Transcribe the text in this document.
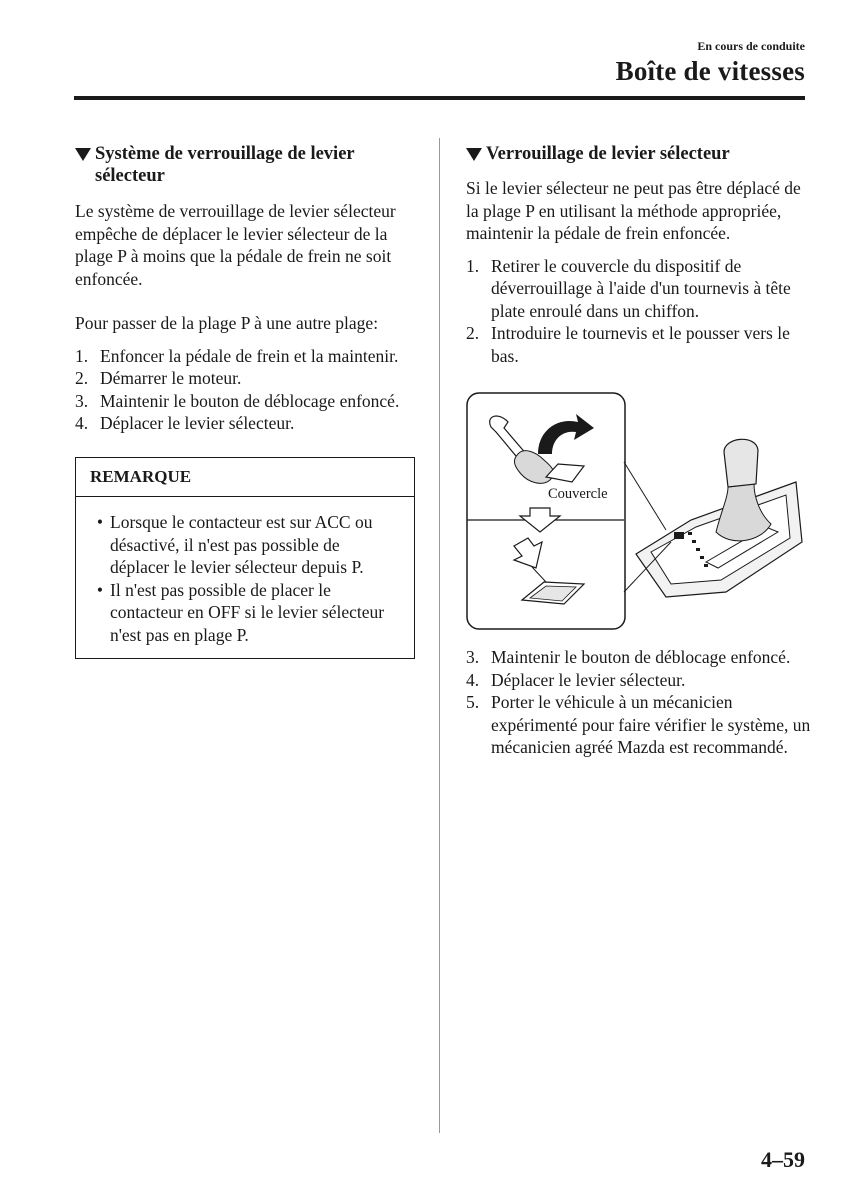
En cours de conduite
Boîte de vitesses
Système de verrouillage de levier sélecteur

Le système de verrouillage de levier sélecteur empêche de déplacer le levier sélecteur de la plage P à moins que la pédale de frein ne soit enfoncée.

Pour passer de la plage P à une autre plage:

1. Enfoncer la pédale de frein et la maintenir.
2. Démarrer le moteur.
3. Maintenir le bouton de déblocage enfoncé.
4. Déplacer le levier sélecteur.
REMARQUE
• Lorsque le contacteur est sur ACC ou désactivé, il n'est pas possible de déplacer le levier sélecteur depuis P.
• Il n'est pas possible de placer le contacteur en OFF si le levier sélecteur n'est pas en plage P.
Verrouillage de levier sélecteur

Si le levier sélecteur ne peut pas être déplacé de la plage P en utilisant la méthode appropriée, maintenir la pédale de frein enfoncée.

1. Retirer le couvercle du dispositif de déverrouillage à l'aide d'un tournevis à tête plate enroulé dans un chiffon.
2. Introduire le tournevis et le pousser vers le bas.
Couvercle
3. Maintenir le bouton de déblocage enfoncé.
4. Déplacer le levier sélecteur.
5. Porter le véhicule à un mécanicien expérimenté pour faire vérifier le système, un mécanicien agréé Mazda est recommandé.
4–59
